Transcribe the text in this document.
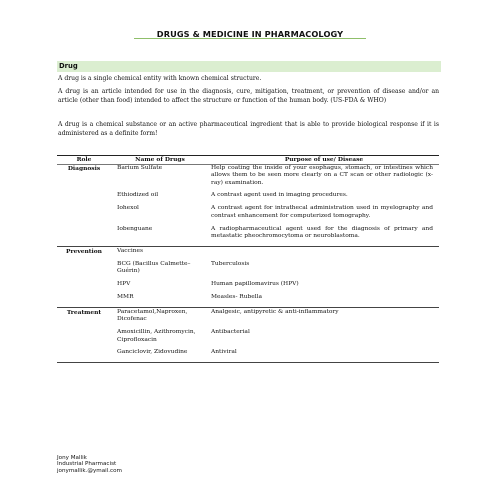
DRUGS & MEDICINE IN PHARMACOLOGY
Drug

A drug is a single chemical entity with known chemical structure.

A drug is an article intended for use in the diagnosis, cure, mitigation, treatment, or prevention of disease and/or an article (other than food) intended to affect the structure or function of the human body. (US-FDA & WHO)

A drug is a chemical substance or an active pharmaceutical ingredient that is able to provide biological response if it is administered as a definite form!

Role	Name of Drugs	Purpose of use/ Disease
Diagnosis	Barium Sulfate	Help coating the inside of your esophagus, stomach, or intestines which allows them to be seen more clearly on a CT scan or other radiologic (x-ray) examination.
	Ethiodized oil	A contrast agent used in imaging procedures.
	Iohexol	A contrast agent for intrathecal administration used in myelography and contrast enhancement for computerized tomography.
	Iobenguane	A radiopharmaceutical agent used for the diagnosis of primary and metastatic pheochromocytoma or neuroblastoma.
Prevention	Vaccines	
	BCG (Bacillus Calmette–Guérin)	Tuberculosis
	HPV	Human papillomavirus (HPV)
	MMR	Measles- Rubella
Treatment	Paracetamol,Naproxen, Dicofenac	Analgesic, antipyretic & anti-inflammatory
	Amoxicillin, Azithromycin, Ciprofloxacin	Antibacterial
	Ganciclovir, Zidovudine	Antiviral
Jony Mallik
Industrial Pharmacist
jonymallik.@ymail.com
